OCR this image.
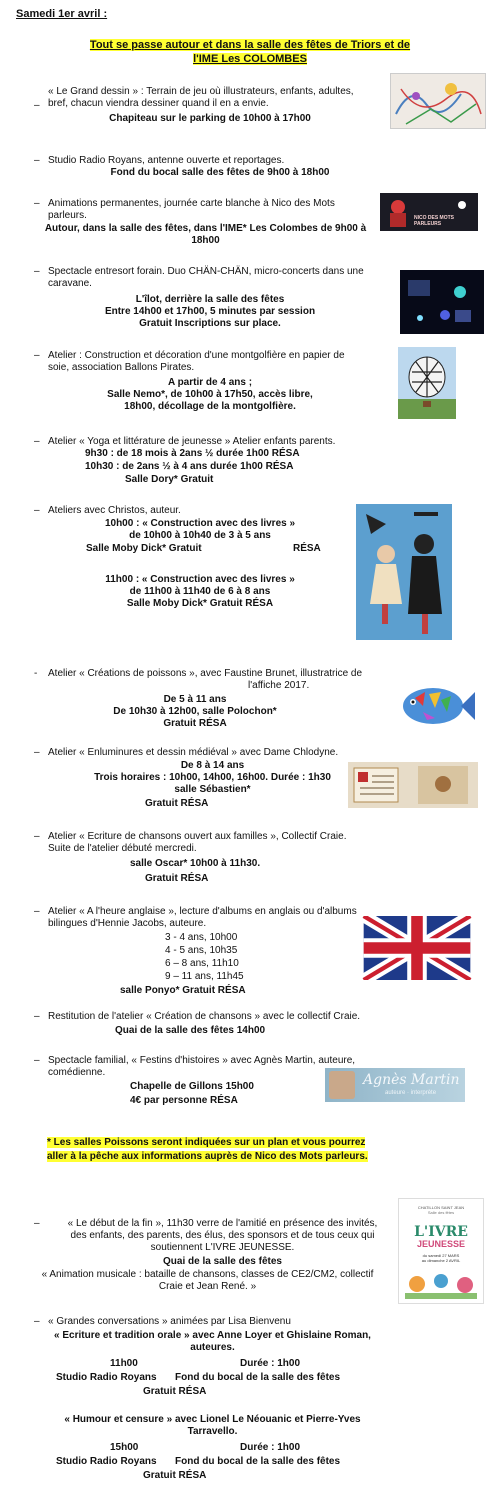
Samedi 1er avril :
Tout se passe autour et dans la salle des fêtes de Triors et de
l'IME Les COLOMBES
–
« Le Grand dessin » : Terrain de jeu où illustrateurs, enfants, adultes,
bref, chacun viendra dessiner quand il en a envie.
Chapiteau sur le parking de 10h00 à 17h00
– Studio Radio Royans, antenne ouverte et reportages.
Fond du bocal salle des fêtes de 9h00 à 18h00
– Animations permanentes, journée carte blanche à Nico des Mots
parleurs.
Autour, dans la salle des fêtes, dans l'IME* Les Colombes de 9h00 à
18h00
NICO DES MOTS PARLEURS
– Spectacle entresort forain. Duo CHÄN-CHÄN, micro-concerts dans une
caravane.
L'îlot, derrière la salle des fêtes
Entre 14h00 et 17h00, 5 minutes par session
Gratuit Inscriptions sur place.
– Atelier : Construction et décoration d'une montgolfière en papier de
soie, association Ballons Pirates.
A partir de 4 ans ;
Salle Nemo*, de 10h00 à 17h50, accès libre,
18h00, décollage de la montgolfière.
– Atelier « Yoga et littérature de jeunesse » Atelier enfants parents.
9h30 : de 18 mois à 2ans ½ durée 1h00 RÉSA
10h30 : de 2ans ½ à 4 ans durée 1h00 RÉSA
Salle Dory* Gratuit
– Ateliers avec Christos, auteur.
10h00 : « Construction avec des livres »
de 10h00 à 10h40 de 3 à 5 ans
Salle Moby Dick* Gratuit	RÉSA
11h00 : « Construction avec des livres »
de 11h00 à 11h40 de 6 à 8 ans
Salle Moby Dick* Gratuit RÉSA
- Atelier « Créations de poissons », avec Faustine Brunet, illustratrice de
l'affiche 2017.
De 5 à 11 ans
De 10h30 à 12h00, salle Polochon*
Gratuit RÉSA
– Atelier « Enluminures et dessin médiéval » avec Dame Chlodyne.
De 8 à 14 ans
Trois horaires : 10h00, 14h00, 16h00. Durée : 1h30
salle Sébastien*
Gratuit RÉSA
– Atelier « Ecriture de chansons ouvert aux familles », Collectif Craie.
Suite de l'atelier débuté mercredi.
salle Oscar* 10h00 à 11h30.
Gratuit RÉSA
– Atelier « A l'heure anglaise », lecture d'albums en anglais ou d'albums
bilingues d'Hennie Jacobs, auteure.
3 - 4 ans, 10h00
4 - 5 ans, 10h35
6 – 8 ans, 11h10
9 – 11 ans, 11h45
salle Ponyo* Gratuit RÉSA
– Restitution de l'atelier « Création de chansons » avec le collectif Craie.
Quai de la salle des fêtes 14h00
– Spectacle familial, « Festins d'histoires » avec Agnès Martin, auteure,
comédienne.
Chapelle de Gillons 15h00
4€ par personne RÉSA
Agnès Martin
auteure · interprète
* Les salles Poissons seront indiquées sur un plan et vous pourrez
aller à la pêche aux informations auprès de Nico des Mots parleurs.
–	« Le début de la fin », 11h30 verre de l'amitié en présence des invités,
des enfants, des parents, des élus, des sponsors et de tous ceux qui
soutiennent L'IVRE JEUNESSE.
Quai de la salle des fêtes
« Animation musicale : bataille de chansons, classes de CE2/CM2, collectif
Craie et Jean René. »
CHATILLON SAINT JEAN
Salle des fêtes
L'IVRE
JEUNESSE
du samedi 27 MARS
au dimanche 2 AVRIL
– « Grandes conversations » animées par Lisa Bienvenu
« Ecriture et tradition orale » avec Anne Loyer et Ghislaine Roman,
auteures.
11h00	Durée : 1h00
Studio Radio Royans Fond du bocal de la salle des fêtes
Gratuit RÉSA
« Humour et censure » avec Lionel Le Néouanic et Pierre-Yves
Tarravello.
15h00	Durée : 1h00
Studio Radio Royans Fond du bocal de la salle des fêtes
Gratuit RÉSA
